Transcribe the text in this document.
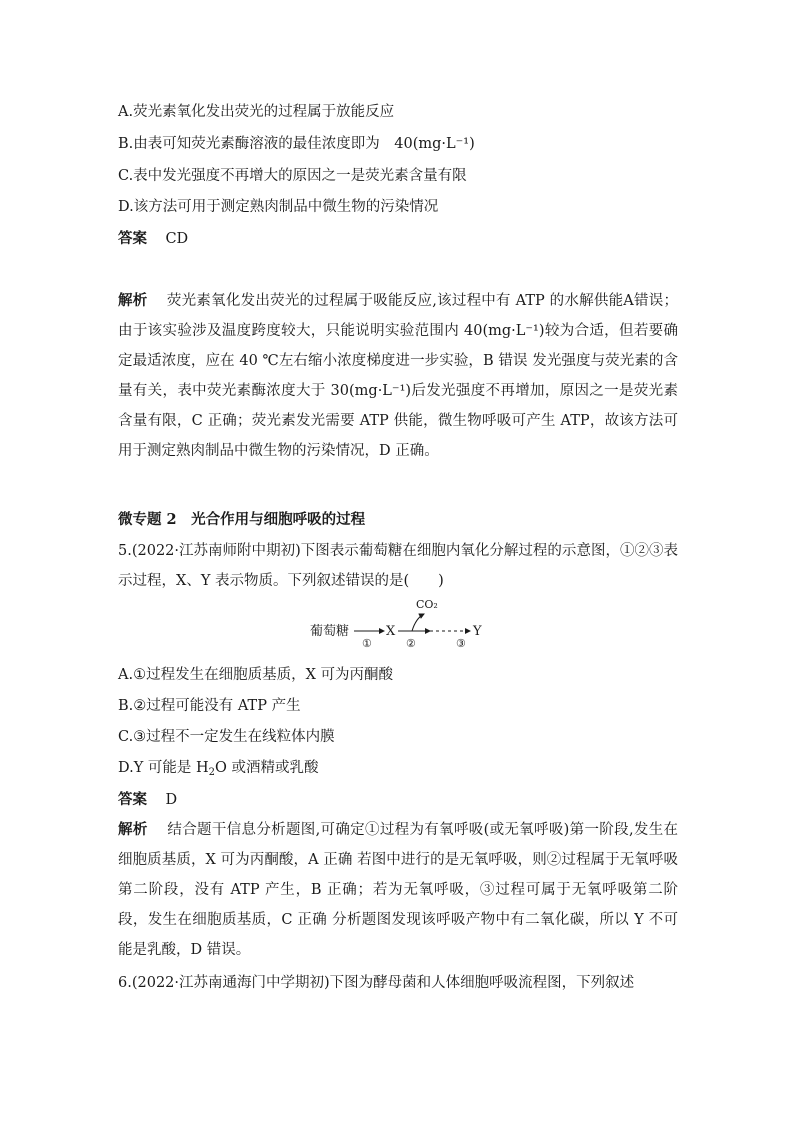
A.荧光素氧化发出荧光的过程属于放能反应
B.由表可知荧光素酶溶液的最佳浓度即为　40(mg·L⁻¹)
C.表中发光强度不再增大的原因之一是荧光素含量有限
D.该方法可用于测定熟肉制品中微生物的污染情况
答案 CD
解析 荧光素氧化发出荧光的过程属于吸能反应,该过程中有 ATP 的水解供能A错误；由于该实验涉及温度跨度较大，只能说明实验范围内 40(mg·L⁻¹)较为合适，但若要确定最适浓度，应在 40 ℃左右缩小浓度梯度进一步实验，B 错误 发光强度与荧光素的含量有关，表中荧光素酶浓度大于 30(mg·L⁻¹)后发光强度不再增加，原因之一是荧光素含量有限，C 正确；荧光素发光需要 ATP 供能，微生物呼吸可产生 ATP，故该方法可用于测定熟肉制品中微生物的污染情况，D 正确。
微专题 2　光合作用与细胞呼吸的过程
5.(2022·江苏南师附中期初)下图表示葡萄糖在细胞内氧化分解过程的示意图，①②③表示过程，X、Y 表示物质。下列叙述错误的是(　　)
葡萄糖
①
X
CO₂
②	③
Y
A.①过程发生在细胞质基质，X 可为丙酮酸
B.②过程可能没有 ATP 产生
C.③过程不一定发生在线粒体内膜
D.Y 可能是 $H_2O$ 或酒精或乳酸
答案 D
解析 结合题干信息分析题图,可确定①过程为有氧呼吸(或无氧呼吸)第一阶段,发生在细胞质基质，X 可为丙酮酸，A 正确 若图中进行的是无氧呼吸，则②过程属于无氧呼吸第二阶段，没有 ATP 产生，B 正确；若为无氧呼吸，③过程可属于无氧呼吸第二阶段，发生在细胞质基质，C 正确 分析题图发现该呼吸产物中有二氧化碳，所以 Y 不可能是乳酸，D 错误。
6.(2022·江苏南通海门中学期初)下图为酵母菌和人体细胞呼吸流程图，下列叙述
